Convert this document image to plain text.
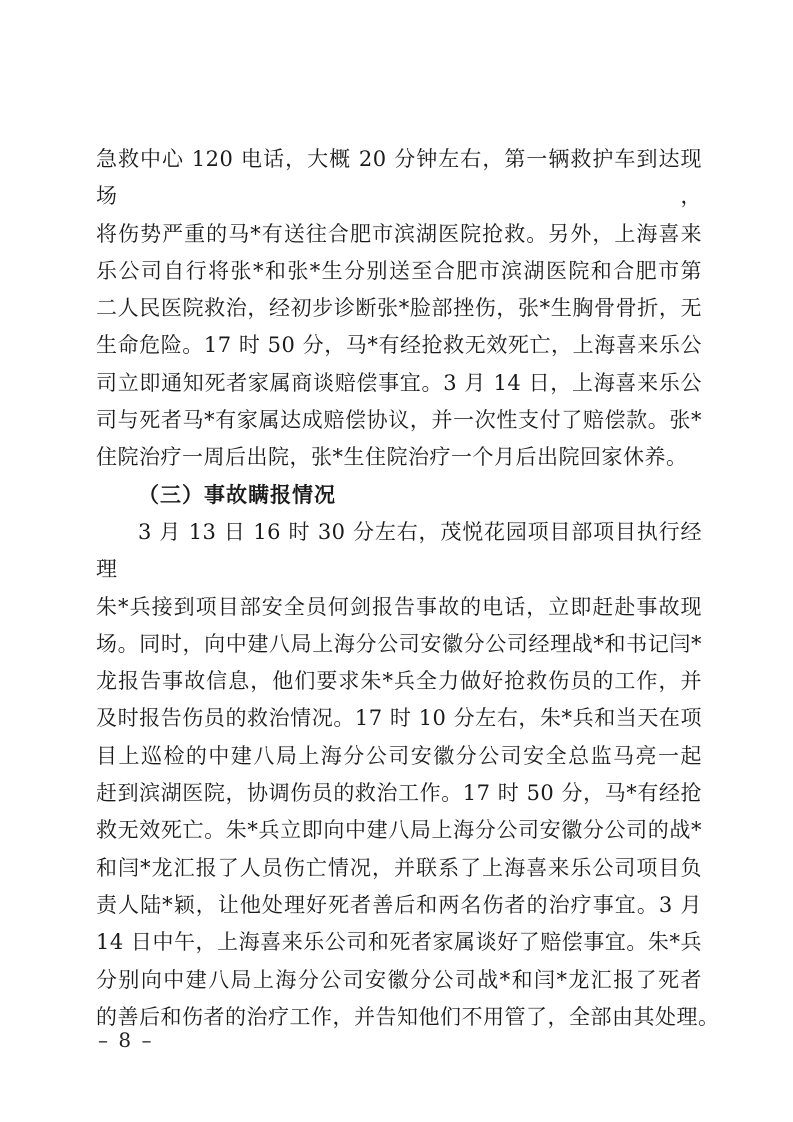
急救中心 120 电话，大概 20 分钟左右，第一辆救护车到达现场，
将伤势严重的马*有送往合肥市滨湖医院抢救。另外，上海喜来
乐公司自行将张*和张*生分别送至合肥市滨湖医院和合肥市第
二人民医院救治，经初步诊断张*脸部挫伤，张*生胸骨骨折，无
生命危险。17 时 50 分，马*有经抢救无效死亡，上海喜来乐公
司立即通知死者家属商谈赔偿事宜。3 月 14 日，上海喜来乐公
司与死者马*有家属达成赔偿协议，并一次性支付了赔偿款。张*
住院治疗一周后出院，张*生住院治疗一个月后出院回家休养。
（三）事故瞒报情况
3 月 13 日 16 时 30 分左右，茂悦花园项目部项目执行经理
朱*兵接到项目部安全员何剑报告事故的电话，立即赶赴事故现
场。同时，向中建八局上海分公司安徽分公司经理战*和书记闫*
龙报告事故信息，他们要求朱*兵全力做好抢救伤员的工作，并
及时报告伤员的救治情况。17 时 10 分左右，朱*兵和当天在项
目上巡检的中建八局上海分公司安徽分公司安全总监马亮一起
赶到滨湖医院，协调伤员的救治工作。17 时 50 分，马*有经抢
救无效死亡。朱*兵立即向中建八局上海分公司安徽分公司的战*
和闫*龙汇报了人员伤亡情况，并联系了上海喜来乐公司项目负
责人陆*颖，让他处理好死者善后和两名伤者的治疗事宜。3 月
14 日中午，上海喜来乐公司和死者家属谈好了赔偿事宜。朱*兵
分别向中建八局上海分公司安徽分公司战*和闫*龙汇报了死者
的善后和伤者的治疗工作，并告知他们不用管了，全部由其处理。
– 8 –
